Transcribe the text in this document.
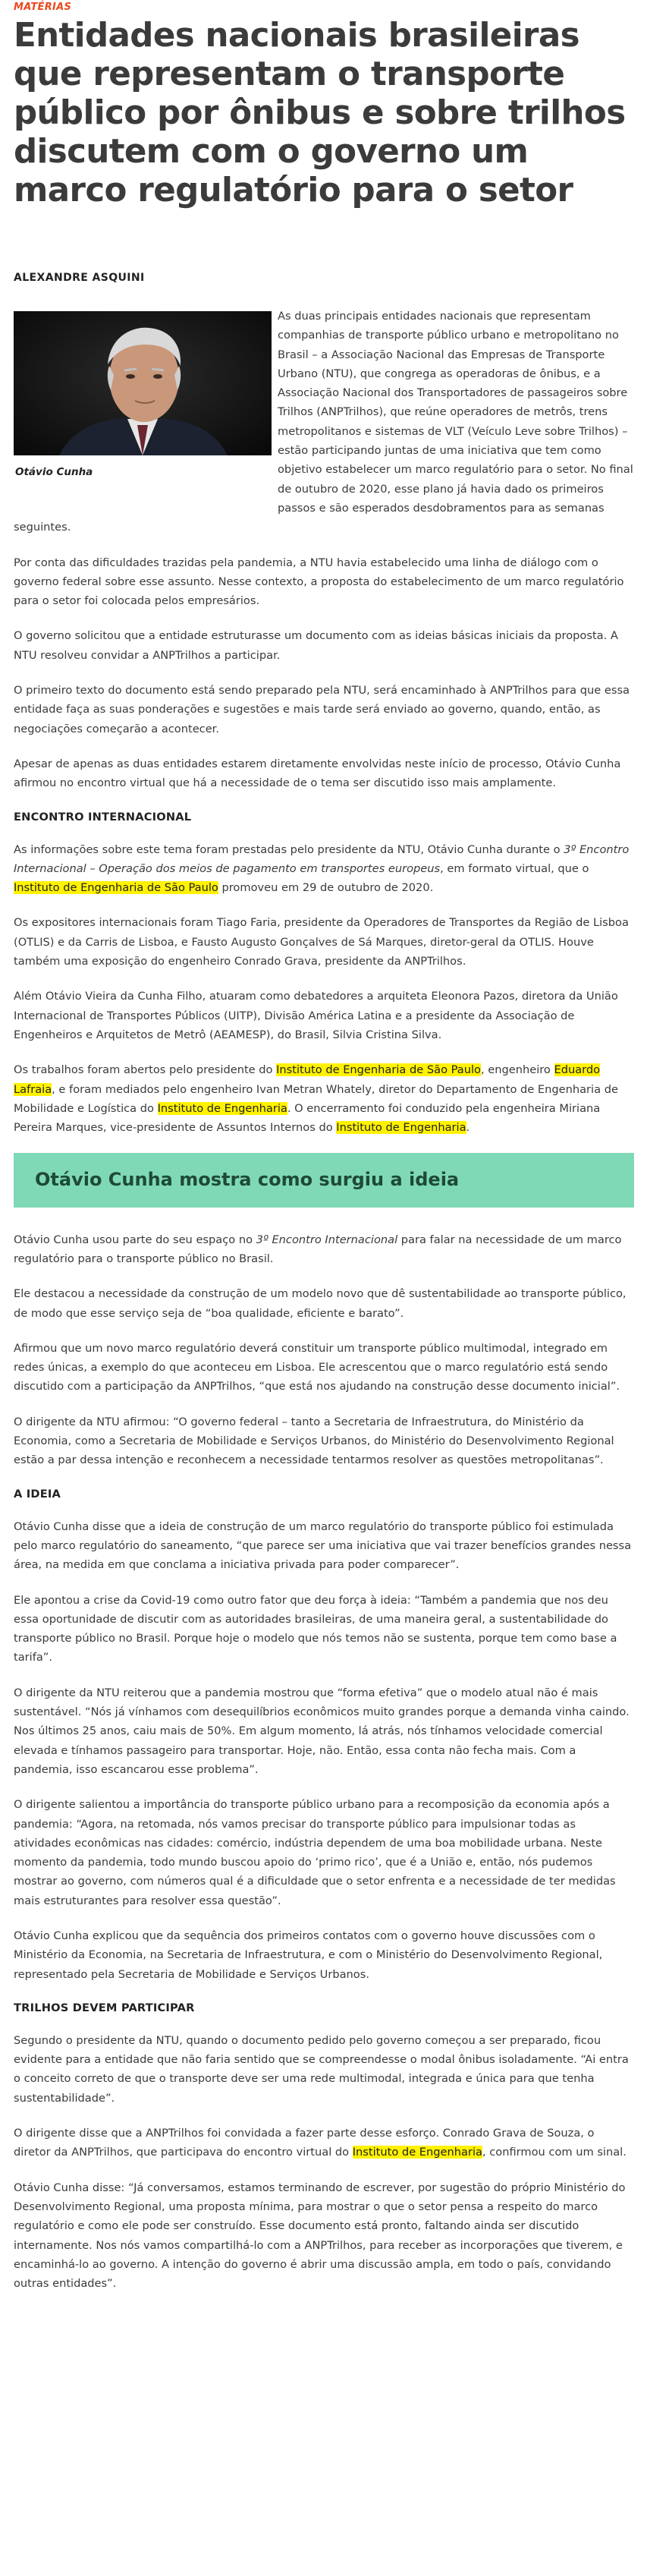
MATÉRIAS
Entidades nacionais brasileiras que representam o transporte público por ônibus e sobre trilhos discutem com o governo um marco regulatório para o setor
ALEXANDRE ASQUINI
Otávio Cunha

As duas principais entidades nacionais que representam companhias de transporte público urbano e metropolitano no Brasil – a Associação Nacional das Empresas de Transporte Urbano (NTU), que congrega as operadoras de ônibus, e a Associação Nacional dos Transportadores de passageiros sobre Trilhos (ANPTrilhos), que reúne operadores de metrôs, trens metropolitanos e sistemas de VLT (Veículo Leve sobre Trilhos) – estão participando juntas de uma iniciativa que tem como objetivo estabelecer um marco regulatório para o setor. No final de outubro de 2020, esse plano já havia dado os primeiros passos e são esperados desdobramentos para as semanas seguintes.

Por conta das dificuldades trazidas pela pandemia, a NTU havia estabelecido uma linha de diálogo com o governo federal sobre esse assunto. Nesse contexto, a proposta do estabelecimento de um marco regulatório para o setor foi colocada pelos empresários.

O governo solicitou que a entidade estruturasse um documento com as ideias básicas iniciais da proposta. A NTU resolveu convidar a ANPTrilhos a participar.

O primeiro texto do documento está sendo preparado pela NTU, será encaminhado à ANPTrilhos para que essa entidade faça as suas ponderações e sugestões e mais tarde será enviado ao governo, quando, então, as negociações começarão a acontecer.

Apesar de apenas as duas entidades estarem diretamente envolvidas neste início de processo, Otávio Cunha afirmou no encontro virtual que há a necessidade de o tema ser discutido isso mais amplamente.

ENCONTRO INTERNACIONAL

As informações sobre este tema foram prestadas pelo presidente da NTU, Otávio Cunha durante o 3º Encontro Internacional – Operação dos meios de pagamento em transportes europeus, em formato virtual, que o Instituto de Engenharia de São Paulo promoveu em 29 de outubro de 2020.

Os expositores internacionais foram Tiago Faria, presidente da Operadores de Transportes da Região de Lisboa (OTLIS) e da Carris de Lisboa, e Fausto Augusto Gonçalves de Sá Marques, diretor-geral da OTLIS. Houve também uma exposição do engenheiro Conrado Grava, presidente da ANPTrilhos.

Além Otávio Vieira da Cunha Filho, atuaram como debatedores a arquiteta Eleonora Pazos, diretora da União Internacional de Transportes Públicos (UITP), Divisão América Latina e a presidente da Associação de Engenheiros e Arquitetos de Metrô (AEAMESP), do Brasil, Silvia Cristina Silva.

Os trabalhos foram abertos pelo presidente do Instituto de Engenharia de São Paulo, engenheiro Eduardo Lafraia, e foram mediados pelo engenheiro Ivan Metran Whately, diretor do Departamento de Engenharia de Mobilidade e Logística do Instituto de Engenharia. O encerramento foi conduzido pela engenheira Miriana Pereira Marques, vice-presidente de Assuntos Internos do Instituto de Engenharia.

Otávio Cunha mostra como surgiu a ideia

Otávio Cunha usou parte do seu espaço no 3º Encontro Internacional para falar na necessidade de um marco regulatório para o transporte público no Brasil.

Ele destacou a necessidade da construção de um modelo novo que dê sustentabilidade ao transporte público, de modo que esse serviço seja de “boa qualidade, eficiente e barato”.

Afirmou que um novo marco regulatório deverá constituir um transporte público multimodal, integrado em redes únicas, a exemplo do que aconteceu em Lisboa. Ele acrescentou que o marco regulatório está sendo discutido com a participação da ANPTrilhos, “que está nos ajudando na construção desse documento inicial”.

O dirigente da NTU afirmou: “O governo federal – tanto a Secretaria de Infraestrutura, do Ministério da Economia, como a Secretaria de Mobilidade e Serviços Urbanos, do Ministério do Desenvolvimento Regional estão a par dessa intenção e reconhecem a necessidade tentarmos resolver as questões metropolitanas”.

A IDEIA

Otávio Cunha disse que a ideia de construção de um marco regulatório do transporte público foi estimulada pelo marco regulatório do saneamento, “que parece ser uma iniciativa que vai trazer benefícios grandes nessa área, na medida em que conclama a iniciativa privada para poder comparecer”.

Ele apontou a crise da Covid-19 como outro fator que deu força à ideia: “Também a pandemia que nos deu essa oportunidade de discutir com as autoridades brasileiras, de uma maneira geral, a sustentabilidade do transporte público no Brasil. Porque hoje o modelo que nós temos não se sustenta, porque tem como base a tarifa”.

O dirigente da NTU reiterou que a pandemia mostrou que “forma efetiva” que o modelo atual não é mais sustentável. “Nós já vínhamos com desequilíbrios econômicos muito grandes porque a demanda vinha caindo. Nos últimos 25 anos, caiu mais de 50%. Em algum momento, lá atrás, nós tínhamos velocidade comercial elevada e tínhamos passageiro para transportar. Hoje, não. Então, essa conta não fecha mais. Com a pandemia, isso escancarou esse problema”.

O dirigente salientou a importância do transporte público urbano para a recomposição da economia após a pandemia: “Agora, na retomada, nós vamos precisar do transporte público para impulsionar todas as atividades econômicas nas cidades: comércio, indústria dependem de uma boa mobilidade urbana. Neste momento da pandemia, todo mundo buscou apoio do ‘primo rico’, que é a União e, então, nós pudemos mostrar ao governo, com números qual é a dificuldade que o setor enfrenta e a necessidade de ter medidas mais estruturantes para resolver essa questão”.

Otávio Cunha explicou que da sequência dos primeiros contatos com o governo houve discussões com o Ministério da Economia, na Secretaria de Infraestrutura, e com o Ministério do Desenvolvimento Regional, representado pela Secretaria de Mobilidade e Serviços Urbanos.

TRILHOS DEVEM PARTICIPAR

Segundo o presidente da NTU, quando o documento pedido pelo governo começou a ser preparado, ficou evidente para a entidade que não faria sentido que se compreendesse o modal ônibus isoladamente. “Ai entra o conceito correto de que o transporte deve ser uma rede multimodal, integrada e única para que tenha sustentabilidade”.

O dirigente disse que a ANPTrilhos foi convidada a fazer parte desse esforço. Conrado Grava de Souza, o diretor da ANPTrilhos, que participava do encontro virtual do Instituto de Engenharia, confirmou com um sinal.

Otávio Cunha disse: “Já conversamos, estamos terminando de escrever, por sugestão do próprio Ministério do Desenvolvimento Regional, uma proposta mínima, para mostrar o que o setor pensa a respeito do marco regulatório e como ele pode ser construído. Esse documento está pronto, faltando ainda ser discutido internamente. Nos nós vamos compartilhá-lo com a ANPTrilhos, para receber as incorporações que tiverem, e encaminhá-lo ao governo. A intenção do governo é abrir uma discussão ampla, em todo o país, convidando outras entidades”.
